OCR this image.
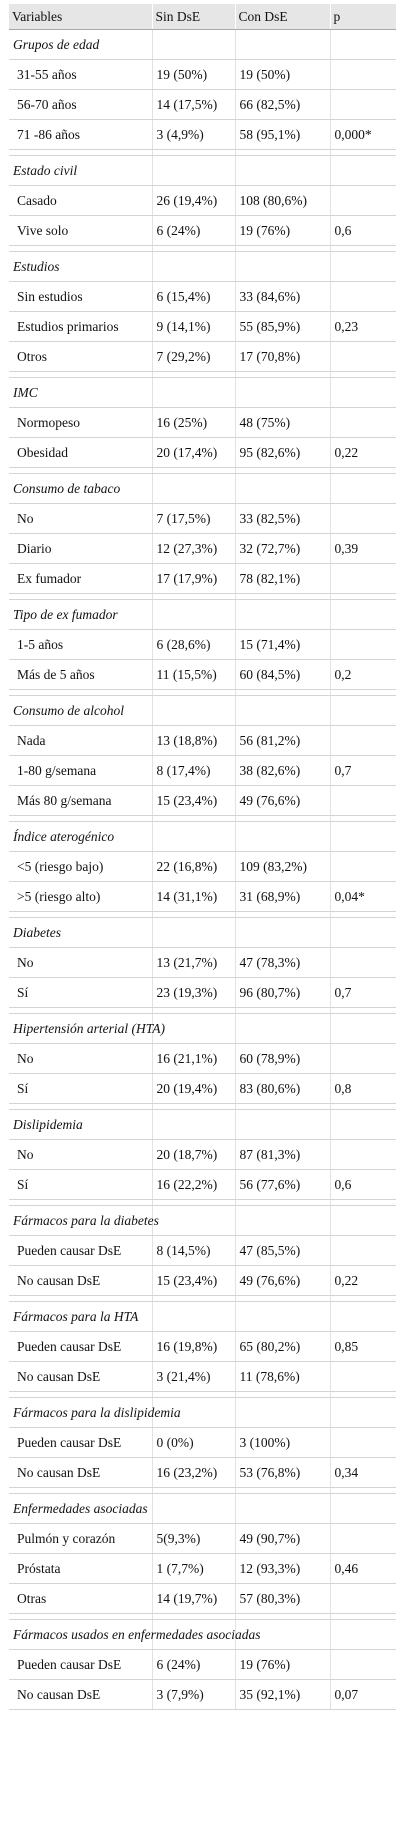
Variables	Sin DsE	Con DsE	p
Grupos de edad			
31-55 años	19 (50%)	19 (50%)	
56-70 años	14 (17,5%)	66 (82,5%)	
71 -86 años	3 (4,9%)	58 (95,1%)	0,000*

Estado civil			
Casado	26 (19,4%)	108 (80,6%)	
Vive solo	6 (24%)	19 (76%)	0,6

Estudios			
Sin estudios	6 (15,4%)	33 (84,6%)	
Estudios primarios	9 (14,1%)	55 (85,9%)	0,23
Otros	7 (29,2%)	17 (70,8%)	

IMC			
Normopeso	16 (25%)	48 (75%)	
Obesidad	20 (17,4%)	95 (82,6%)	0,22

Consumo de tabaco			
No	7 (17,5%)	33 (82,5%)	
Diario	12 (27,3%)	32 (72,7%)	0,39
Ex fumador	17 (17,9%)	78 (82,1%)	

Tipo de ex fumador			
1-5 años	6 (28,6%)	15 (71,4%)	
Más de 5 años	11 (15,5%)	60 (84,5%)	0,2

Consumo de alcohol			
Nada	13 (18,8%)	56 (81,2%)	
1-80 g/semana	8 (17,4%)	38 (82,6%)	0,7
Más 80 g/semana	15 (23,4%)	49 (76,6%)	

Índice aterogénico			
<5 (riesgo bajo)	22 (16,8%)	109 (83,2%)	
>5 (riesgo alto)	14 (31,1%)	31 (68,9%)	0,04*

Diabetes			
No	13 (21,7%)	47 (78,3%)	
Sí	23 (19,3%)	96 (80,7%)	0,7

Hipertensión arterial (HTA)			
No	16 (21,1%)	60 (78,9%)	
Sí	20 (19,4%)	83 (80,6%)	0,8

Dislipidemia			
No	20 (18,7%)	87 (81,3%)	
Sí	16 (22,2%)	56 (77,6%)	0,6

Fármacos para la diabetes			
Pueden causar DsE	8 (14,5%)	47 (85,5%)	
No causan DsE	15 (23,4%)	49 (76,6%)	0,22

Fármacos para la HTA			
Pueden causar DsE	16 (19,8%)	65 (80,2%)	0,85
No causan DsE	3 (21,4%)	11 (78,6%)	

Fármacos para la dislipidemia			
Pueden causar DsE	0 (0%)	3 (100%)	
No causan DsE	16 (23,2%)	53 (76,8%)	0,34

Enfermedades asociadas			
Pulmón y corazón	5(9,3%)	49 (90,7%)	
Próstata	1 (7,7%)	12 (93,3%)	0,46
Otras	14 (19,7%)	57 (80,3%)	

Fármacos usados en enfermedades asociadas			
Pueden causar DsE	6 (24%)	19 (76%)	
No causan DsE	3 (7,9%)	35 (92,1%)	0,07
